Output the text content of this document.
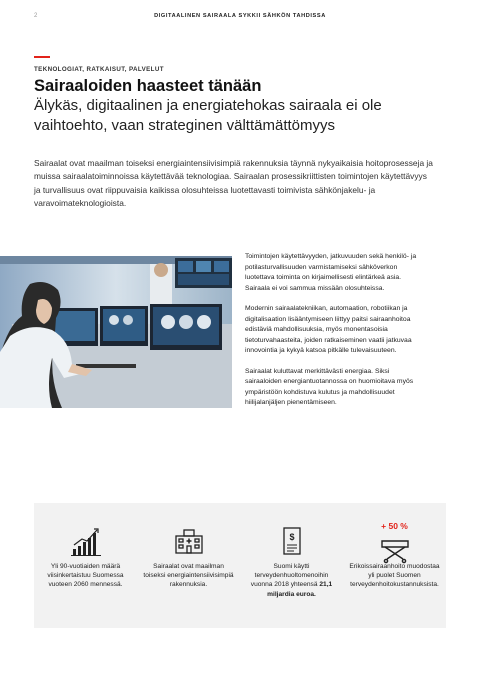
2	DIGITAALINEN SAIRAALA SYKKII SÄHKÖN TAHDISSA
TEKNOLOGIAT, RATKAISUT, PALVELUT
Sairaaloiden haasteet tänään
Älykäs, digitaalinen ja energiatehokas sairaala ei ole vaihtoehto, vaan strateginen välttämättömyys

Sairaalat ovat maailman toiseksi energiaintensiivisimpiä rakennuksia täynnä nykyaikaisia hoitoprosesseja ja muissa sairaalatoiminnoissa käytettävää teknologiaa. Sairaalan prosessikriittisten toimintojen käytettävyys ja turvallisuus ovat riippuvaisia kaikissa olosuhteissa luotettavasti toimivista sähkönjakelu- ja varavoimateknologioista.

Toimintojen käytettävyyden, jatkuvuuden sekä henkilö- ja potilasturvallisuuden varmistamiseksi sähköverkon luotettava toiminta on kirjaimellisesti elintärkeä asia. Sairaala ei voi sammua missään olosuhteissa.

Modernin sairaalatekniikan, automaation, robotiikan ja digitalisaation lisääntymiseen liittyy paitsi sairaanhoitoa edistäviä mahdollisuuksia, myös monentasoisia tietoturvahaasteita, joiden ratkaiseminen vaatii jatkuvaa innovointia ja kykyä katsoa pitkälle tulevaisuuteen.

Sairaalat kuluttavat merkittävästi energiaa. Siksi sairaaloiden energiantuotannossa on huomioitava myös ympäristöön kohdistuva kulutus ja mahdollisuudet hiilijalanjäljen pienentämiseen.

Yli 90-vuotiaiden määrä viisinkertaistuu Suomessa vuoteen 2060 mennessä.
Sairaalat ovat maailman toiseksi energiaintensiivisimpiä rakennuksia.
$
Suomi käytti terveydenhuoltomenoihin vuonna 2018 yhteensä 21,1 miljardia euroa.
+ 50 %
Erikoissairaanhoito muodostaa yli puolet Suomen terveydenhoitokustannuksista.
